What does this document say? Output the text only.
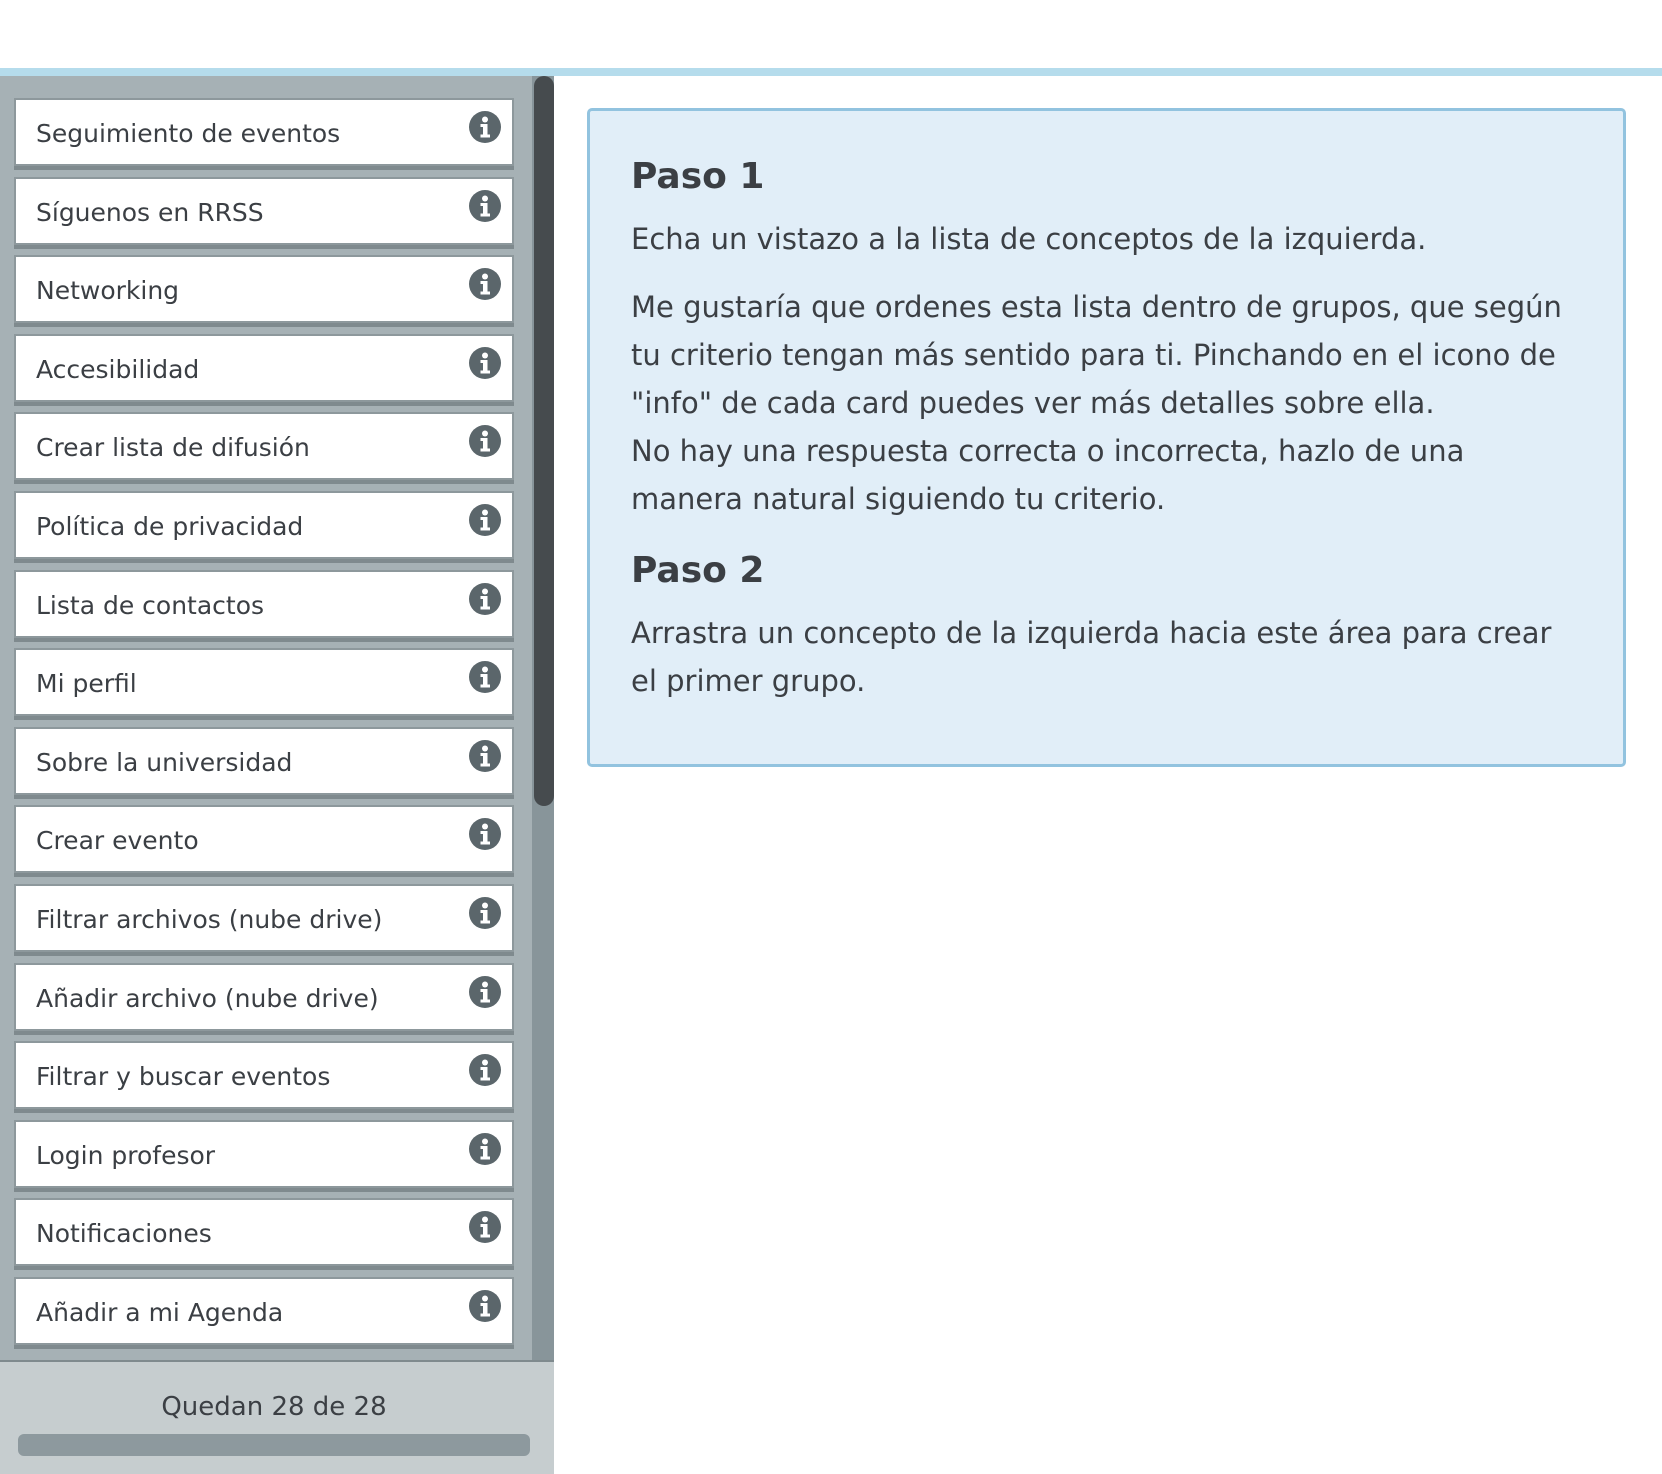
Seguimiento de eventos
Síguenos en RRSS
Networking
Accesibilidad
Crear lista de difusión
Política de privacidad
Lista de contactos
Mi perfil
Sobre la universidad
Crear evento
Filtrar archivos (nube drive)
Añadir archivo (nube drive)
Filtrar y buscar eventos
Login profesor
Notificaciones
Añadir a mi Agenda
Quedan 28 de 28
Paso 1

Echa un vistazo a la lista de conceptos de la izquierda.

Me gustaría que ordenes esta lista dentro de grupos, que según tu criterio tengan más sentido para ti. Pinchando en el icono de "info" de cada card puedes ver más detalles sobre ella.

No hay una respuesta correcta o incorrecta, hazlo de una manera natural siguiendo tu criterio.

Paso 2

Arrastra un concepto de la izquierda hacia este área para crear el primer grupo.
